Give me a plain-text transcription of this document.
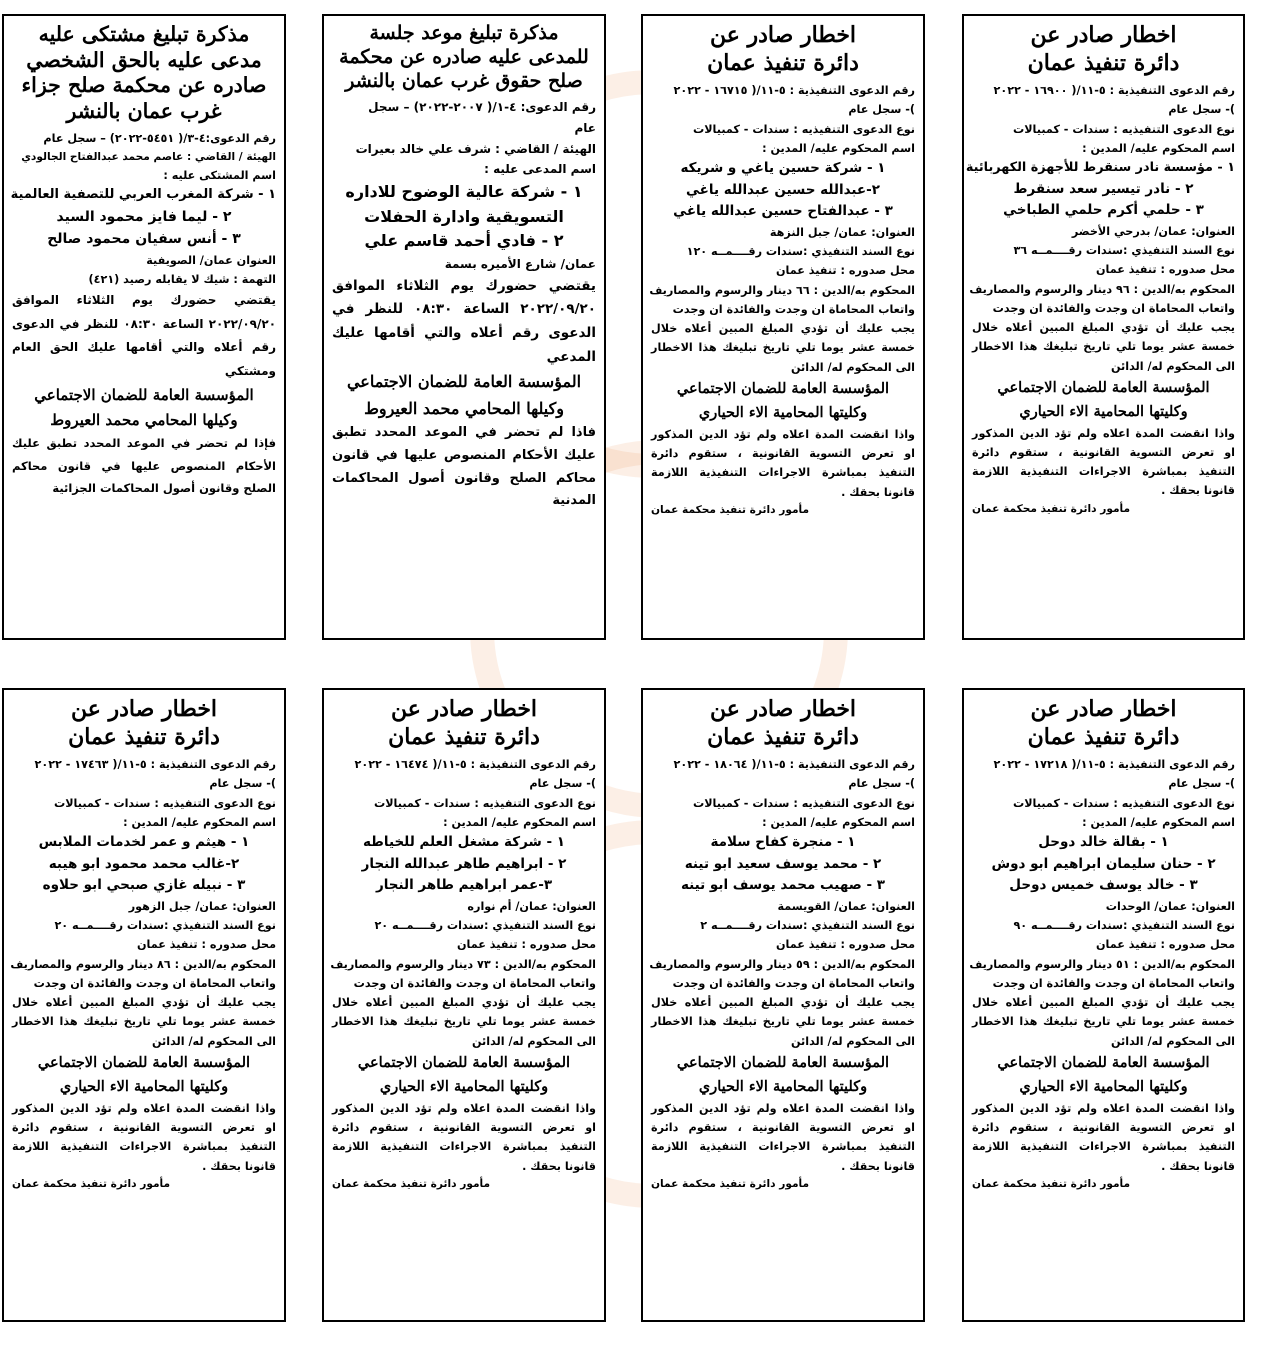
اخطار صادر عن
دائرة تنفيذ عمان
رقم الدعوى التنفيذية : ٥-١١/( ١٦٩٠٠ - ٢٠٢٢
)- سجل عام
نوع الدعوى التنفيذيه : سندات - كمبيالات
اسم المحكوم عليه/ المدين :
١ - مؤسسة نادر سنقرط للأجهزة الكهربائية
٢ - نادر تيسير سعد سنقرط
٣ - حلمي أكرم حلمي الطباخي
العنوان: عمان/ بدرحي الأخضر
نوع السند التنفيذي :سندات رقــــمــه ٣٦
محل صدوره : تنفيذ عمان
المحكوم به/الدين : ٩٦ دينار والرسوم والمصاريف
واتعاب المحاماة ان وجدت والفائدة ان وجدت
يجب عليك أن تؤدي المبلغ المبين أعلاه خلال خمسة عشر يوما تلي تاريخ تبليغك هذا الاخطار الى المحكوم له/ الدائن
المؤسسة العامة للضمان الاجتماعي
وكليتها المحامية الاء الحياري
واذا انقضت المدة اعلاه ولم تؤد الدين المذكور او تعرض التسوية القانونية ، ستقوم دائرة التنفيذ بمباشرة الاجراءات التنفيذية اللازمة قانونا بحقك .
مأمور دائرة تنفيذ محكمة عمان
اخطار صادر عن
دائرة تنفيذ عمان
رقم الدعوى التنفيذية : ٥-١١/( ١٦٧١٥ - ٢٠٢٢
)- سجل عام
نوع الدعوى التنفيذيه : سندات - كمبيالات
اسم المحكوم عليه/ المدين :
١ - شركة حسين ياغي و شريكه
٢-عبدالله حسين عبدالله ياغي
٣ - عبدالفتاح حسين عبدالله ياغي
العنوان: عمان/ جبل النزهة
نوع السند التنفيذي :سندات رقــــمــه ١٢٠
محل صدوره : تنفيذ عمان
المحكوم به/الدين : ٦٦ دينار والرسوم والمصاريف
واتعاب المحاماة ان وجدت والفائدة ان وجدت
يجب عليك أن تؤدي المبلغ المبين أعلاه خلال خمسة عشر يوما تلي تاريخ تبليغك هذا الاخطار الى المحكوم له/ الدائن
المؤسسة العامة للضمان الاجتماعي
وكليتها المحامية الاء الحياري
واذا انقضت المدة اعلاه ولم تؤد الدين المذكور او تعرض التسوية القانونية ، ستقوم دائرة التنفيذ بمباشرة الاجراءات التنفيذية اللازمة قانونا بحقك .
مأمور دائرة تنفيذ محكمة عمان
مذكرة تبليغ موعد جلسة
للمدعى عليه صادره عن محكمة
صلح حقوق غرب عمان بالنشر
رقم الدعوى: ٤-١/( ٢٠٠٧-٢٠٢٢) – سجل
عام
الهيئة / القاضي : شرف علي خالد بعيرات
اسم المدعى عليه :
١ - شركة عالية الوضوح للاداره
التسويقية وادارة الحفلات
٢ - فادي أحمد قاسم علي
عمان/ شارع الأميره بسمة
يقتضي حضورك يوم الثلاثاء الموافق ٢٠٢٢/٠٩/٢٠ الساعة ٠٨:٣٠ للنظر في الدعوى رقم أعلاه والتي أقامها عليك المدعي
المؤسسة العامة للضمان الاجتماعي
وكيلها المحامي محمد العيروط
فاذا لم تحضر في الموعد المحدد تطبق عليك الأحكام المنصوص عليها في قانون محاكم الصلح وقانون أصول المحاكمات المدنية
مذكرة تبليغ مشتكى عليه
مدعى عليه بالحق الشخصي
صادره عن محكمة صلح جزاء
غرب عمان بالنشر
رقم الدعوى:٤-٣/( ٥٤٥١-٢٠٢٢) – سجل عام
الهيئة / القاضي : عاصم محمد عبدالفتاح الجالودي
اسم المشتكى عليه :
١ - شركة المغرب العربي للتصفية العالمية
٢ - ليما فايز محمود السيد
٣ - أنس سفيان محمود صالح
العنوان عمان/ الصويفية
التهمة : شيك لا يقابله رصيد (٤٢١)
يقتضي حضورك يوم الثلاثاء الموافق ٢٠٢٢/٠٩/٢٠ الساعة ٠٨:٣٠ للنظر في الدعوى رقم أعلاه والتي أقامها عليك الحق العام ومشتكي
المؤسسة العامة للضمان الاجتماعي
وكيلها المحامي محمد العيروط
فإذا لم تحضر في الموعد المحدد تطبق عليك الأحكام المنصوص عليها في قانون محاكم الصلح وقانون أصول المحاكمات الجزائية
اخطار صادر عن
دائرة تنفيذ عمان
رقم الدعوى التنفيذية : ٥-١١/( ١٧٢١٨ - ٢٠٢٢
)- سجل عام
نوع الدعوى التنفيذيه : سندات - كمبيالات
اسم المحكوم عليه/ المدين :
١ - بقالة خالد دوحل
٢ - حنان سليمان ابراهيم ابو دوش
٣ - خالد يوسف خميس دوحل
العنوان: عمان/ الوحدات
نوع السند التنفيذي :سندات رقــــمــه ٩٠
محل صدوره : تنفيذ عمان
المحكوم به/الدين : ٥١ دينار والرسوم والمصاريف
واتعاب المحاماة ان وجدت والفائدة ان وجدت
يجب عليك أن تؤدي المبلغ المبين أعلاه خلال خمسة عشر يوما تلي تاريخ تبليغك هذا الاخطار الى المحكوم له/ الدائن
المؤسسة العامة للضمان الاجتماعي
وكليتها المحامية الاء الحياري
واذا انقضت المدة اعلاه ولم تؤد الدين المذكور او تعرض التسوية القانونية ، ستقوم دائرة التنفيذ بمباشرة الاجراءات التنفيذية اللازمة قانونا بحقك .
مأمور دائرة تنفيذ محكمة عمان
اخطار صادر عن
دائرة تنفيذ عمان
رقم الدعوى التنفيذية : ٥-١١/( ١٨٠٦٤ - ٢٠٢٢
)- سجل عام
نوع الدعوى التنفيذيه : سندات - كمبيالات
اسم المحكوم عليه/ المدين :
١ - منجرة كفاح سلامة
٢ - محمد يوسف سعيد ابو تينه
٣ - صهيب محمد يوسف ابو تينه
العنوان: عمان/ القويسمة
نوع السند التنفيذي :سندات رقــــمــه ٢
محل صدوره : تنفيذ عمان
المحكوم به/الدين : ٥٩ دينار والرسوم والمصاريف
واتعاب المحاماة ان وجدت والفائدة ان وجدت
يجب عليك أن تؤدي المبلغ المبين أعلاه خلال خمسة عشر يوما تلي تاريخ تبليغك هذا الاخطار الى المحكوم له/ الدائن
المؤسسة العامة للضمان الاجتماعي
وكليتها المحامية الاء الحياري
واذا انقضت المدة اعلاه ولم تؤد الدين المذكور او تعرض التسوية القانونية ، ستقوم دائرة التنفيذ بمباشرة الاجراءات التنفيذية اللازمة قانونا بحقك .
مأمور دائرة تنفيذ محكمة عمان
اخطار صادر عن
دائرة تنفيذ عمان
رقم الدعوى التنفيذية : ٥-١١/( ١٦٤٧٤ - ٢٠٢٢
)- سجل عام
نوع الدعوى التنفيذيه : سندات - كمبيالات
اسم المحكوم عليه/ المدين :
١ - شركة مشغل العلم للخياطه
٢ - ابراهيم طاهر عبدالله النجار
٣-عمر ابراهيم طاهر النجار
العنوان: عمان/ أم نواره
نوع السند التنفيذي :سندات رقــــمــه ٢٠
محل صدوره : تنفيذ عمان
المحكوم به/الدين : ٧٣ دينار والرسوم والمصاريف
واتعاب المحاماة ان وجدت والفائدة ان وجدت
يجب عليك أن تؤدي المبلغ المبين أعلاه خلال خمسة عشر يوما تلي تاريخ تبليغك هذا الاخطار الى المحكوم له/ الدائن
المؤسسة العامة للضمان الاجتماعي
وكليتها المحامية الاء الحياري
واذا انقضت المدة اعلاه ولم تؤد الدين المذكور او تعرض التسوية القانونية ، ستقوم دائرة التنفيذ بمباشرة الاجراءات التنفيذية اللازمة قانونا بحقك .
مأمور دائرة تنفيذ محكمة عمان
اخطار صادر عن
دائرة تنفيذ عمان
رقم الدعوى التنفيذية : ٥-١١/( ١٧٤٦٣ - ٢٠٢٢
)- سجل عام
نوع الدعوى التنفيذيه : سندات - كمبيالات
اسم المحكوم عليه/ المدين :
١ - هيثم و عمر لخدمات الملابس
٢-غالب محمد محمود ابو هيبه
٣ - نبيله غازي صبحي ابو حلاوه
العنوان: عمان/ جبل الزهور
نوع السند التنفيذي :سندات رقــــمــه ٢٠
محل صدوره : تنفيذ عمان
المحكوم به/الدين : ٨٦ دينار والرسوم والمصاريف
واتعاب المحاماة ان وجدت والفائدة ان وجدت
يجب عليك أن تؤدي المبلغ المبين أعلاه خلال خمسة عشر يوما تلي تاريخ تبليغك هذا الاخطار الى المحكوم له/ الدائن
المؤسسة العامة للضمان الاجتماعي
وكليتها المحامية الاء الحياري
واذا انقضت المدة اعلاه ولم تؤد الدين المذكور او تعرض التسوية القانونية ، ستقوم دائرة التنفيذ بمباشرة الاجراءات التنفيذية اللازمة قانونا بحقك .
مأمور دائرة تنفيذ محكمة عمان
